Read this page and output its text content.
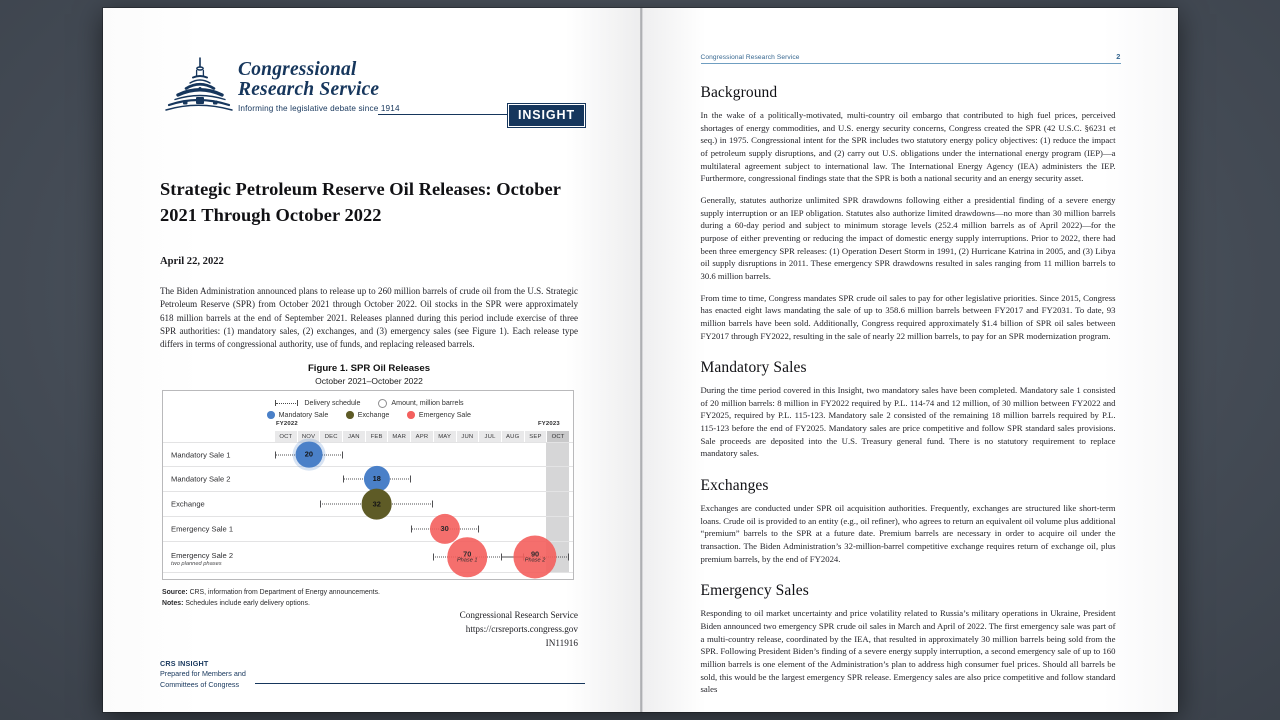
Congressional
Research Service
Informing the legislative debate since 1914	INSIGHT
Strategic Petroleum Reserve Oil Releases: October 2021 Through October 2022
April 22, 2022
The Biden Administration announced plans to release up to 260 million barrels of crude oil from the U.S. Strategic Petroleum Reserve (SPR) from October 2021 through October 2022. Oil stocks in the SPR were approximately 618 million barrels at the end of September 2021. Releases planned during this period include exercise of three SPR authorities: (1) mandatory sales, (2) exchanges, and (3) emergency sales (see Figure 1). Each release type differs in terms of congressional authority, use of funds, and replacing released barrels.
Figure 1. SPR Oil Releases
October 2021–October 2022
Delivery schedule	Amount, million barrels
Mandatory Sale	Exchange	Emergency Sale
FY2022	FY2023
OCT	NOV	DEC	JAN	FEB	MAR	APR	MAY	JUN	JUL	AUG	SEP	OCT
Mandatory Sale 1	20
Mandatory Sale 2	18
Exchange	32
Emergency Sale 1	30
Emergency Sale 2
two planned phases
70
Phase 1
90
Phase 2
Source: CRS, information from Department of Energy announcements.
Notes: Schedules include early delivery options.
Congressional Research Service
https://crsreports.congress.gov
IN11916
CRS INSIGHT
Prepared for Members and
Committees of Congress
Congressional Research Service	2
Background

In the wake of a politically-motivated, multi-country oil embargo that contributed to high fuel prices, perceived shortages of energy commodities, and U.S. energy security concerns, Congress created the SPR (42 U.S.C. §6231 et seq.) in 1975. Congressional intent for the SPR includes two statutory energy policy objectives: (1) reduce the impact of petroleum supply disruptions, and (2) carry out U.S. obligations under the international energy program (IEP)—a multilateral agreement subject to international law. The International Energy Agency (IEA) administers the IEP. Furthermore, congressional findings state that the SPR is both a national security and an energy security asset.

Generally, statutes authorize unlimited SPR drawdowns following either a presidential finding of a severe energy supply interruption or an IEP obligation. Statutes also authorize limited drawdowns—no more than 30 million barrels during a 60-day period and subject to minimum storage levels (252.4 million barrels as of April 2022)—for the purpose of either preventing or reducing the impact of domestic energy supply interruptions. Prior to 2022, there had been three emergency SPR releases: (1) Operation Desert Storm in 1991, (2) Hurricane Katrina in 2005, and (3) Libya oil supply disruptions in 2011. These emergency SPR drawdowns resulted in sales ranging from 11 million barrels to 30.6 million barrels.

From time to time, Congress mandates SPR crude oil sales to pay for other legislative priorities. Since 2015, Congress has enacted eight laws mandating the sale of up to 358.6 million barrels between FY2017 and FY2031. To date, 93 million barrels have been sold. Additionally, Congress required approximately $1.4 billion of SPR oil sales between FY2017 through FY2022, resulting in the sale of nearly 22 million barrels, to pay for an SPR modernization program.

Mandatory Sales

During the time period covered in this Insight, two mandatory sales have been completed. Mandatory sale 1 consisted of 20 million barrels: 8 million in FY2022 required by P.L. 114-74 and 12 million, of 30 million between FY2022 and FY2025, required by P.L. 115-123. Mandatory sale 2 consisted of the remaining 18 million barrels required by P.L. 115-123 before the end of FY2025. Mandatory sales are price competitive and follow SPR standard sales provisions. Sale proceeds are deposited into the U.S. Treasury general fund. There is no statutory requirement to replace mandatory sales.

Exchanges

Exchanges are conducted under SPR oil acquisition authorities. Frequently, exchanges are structured like short-term loans. Crude oil is provided to an entity (e.g., oil refiner), who agrees to return an equivalent oil volume plus additional “premium” barrels to the SPR at a future date. Premium barrels are necessary in order to acquire oil under the transaction. The Biden Administration’s 32-million-barrel competitive exchange requires return of exchange oil, plus premium barrels, by the end of FY2024.

Emergency Sales

Responding to oil market uncertainty and price volatility related to Russia’s military operations in Ukraine, President Biden announced two emergency SPR crude oil sales in March and April of 2022. The first emergency sale was part of a multi-country release, coordinated by the IEA, that resulted in approximately 30 million barrels being sold from the SPR. Following President Biden’s finding of a severe energy supply interruption, a second emergency sale of up to 160 million barrels is one element of the Administration’s plan to address high consumer fuel prices. Should all barrels be sold, this would be the largest emergency SPR release. Emergency sales are also price competitive and follow standard sales
